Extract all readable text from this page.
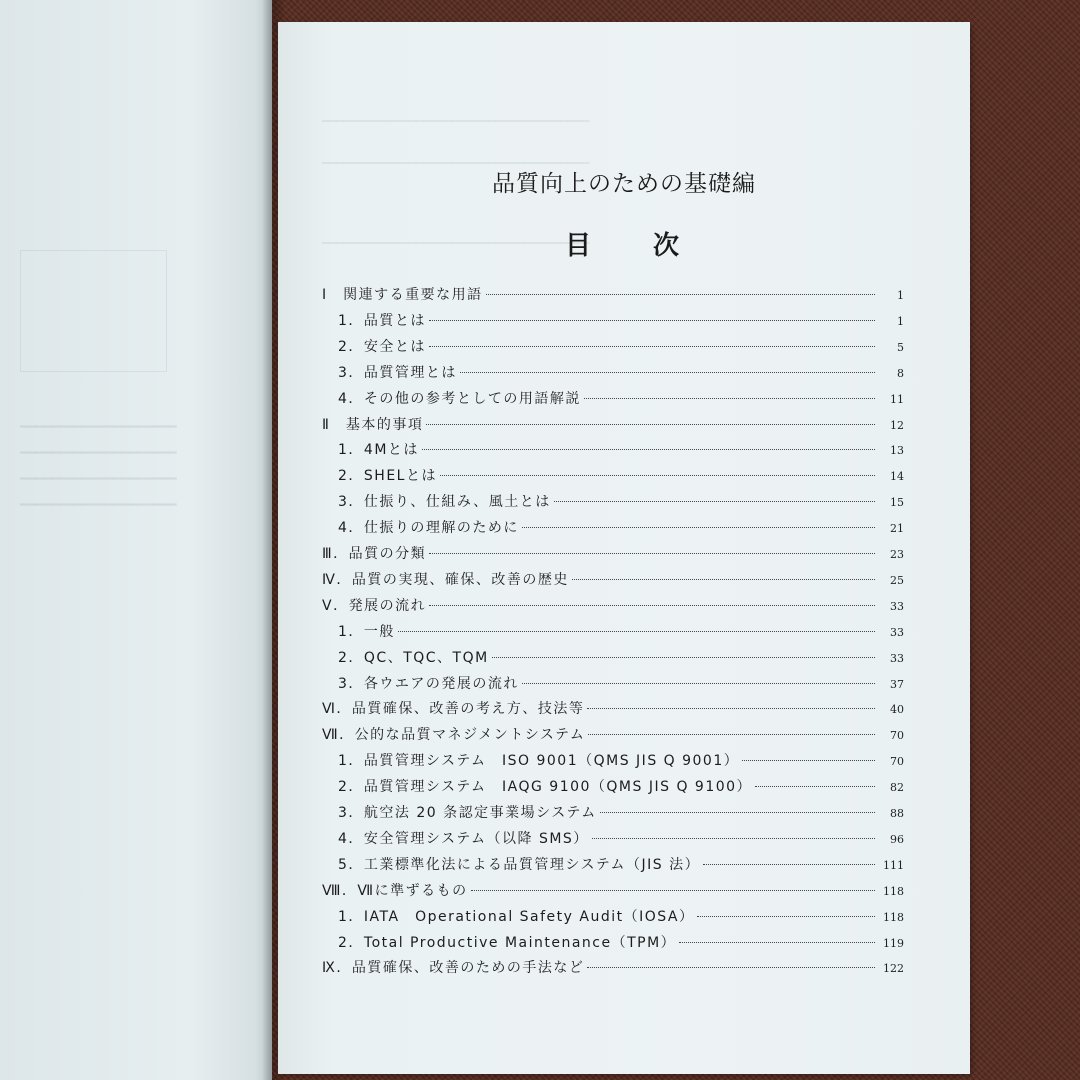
━━━━━━━━━━━━━━━━━━━━
━━━━━━━━━━━━━━━━━━━━
━━━━━━━━━━━━━━━━━━━━
━━━━━━━━━━━━━━━━━━━━
━━━━━━━━━━━━━━━━━━━━━━━━━━━━━━━━━━━━━
━━━━━━━━━━━━━━━━━━━━━━━━━━━━━━━━━━━━━
━━━━━━━━━━━━━━━━━━━━━━━━━━━━━━━━━━━━━
品質向上のための基礎編
目次
Ⅰ　関連する重要な用語	1
1．品質とは	1
2．安全とは	5
3．品質管理とは	8
4．その他の参考としての用語解説	11
Ⅱ　基本的事項	12
1．4Mとは	13
2．SHELとは	14
3．仕振り、仕組み、風土とは	15
4．仕振りの理解のために	21
Ⅲ．品質の分類	23
Ⅳ．品質の実現、確保、改善の歴史	25
Ⅴ．発展の流れ	33
1．一般	33
2．QC、TQC、TQM	33
3．各ウエアの発展の流れ	37
Ⅵ．品質確保、改善の考え方、技法等	40
Ⅶ．公的な品質マネジメントシステム	70
1．品質管理システム　ISO 9001（QMS JIS Q 9001）	70
2．品質管理システム　IAQG 9100（QMS JIS Q 9100）	82
3．航空法 20 条認定事業場システム	88
4．安全管理システム（以降 SMS）	96
5．工業標準化法による品質管理システム（JIS 法）	111
Ⅷ．Ⅶに準ずるもの	118
1．IATA　Operational Safety Audit（IOSA）	118
2．Total Productive Maintenance（TPM）	119
Ⅸ．品質確保、改善のための手法など	122
